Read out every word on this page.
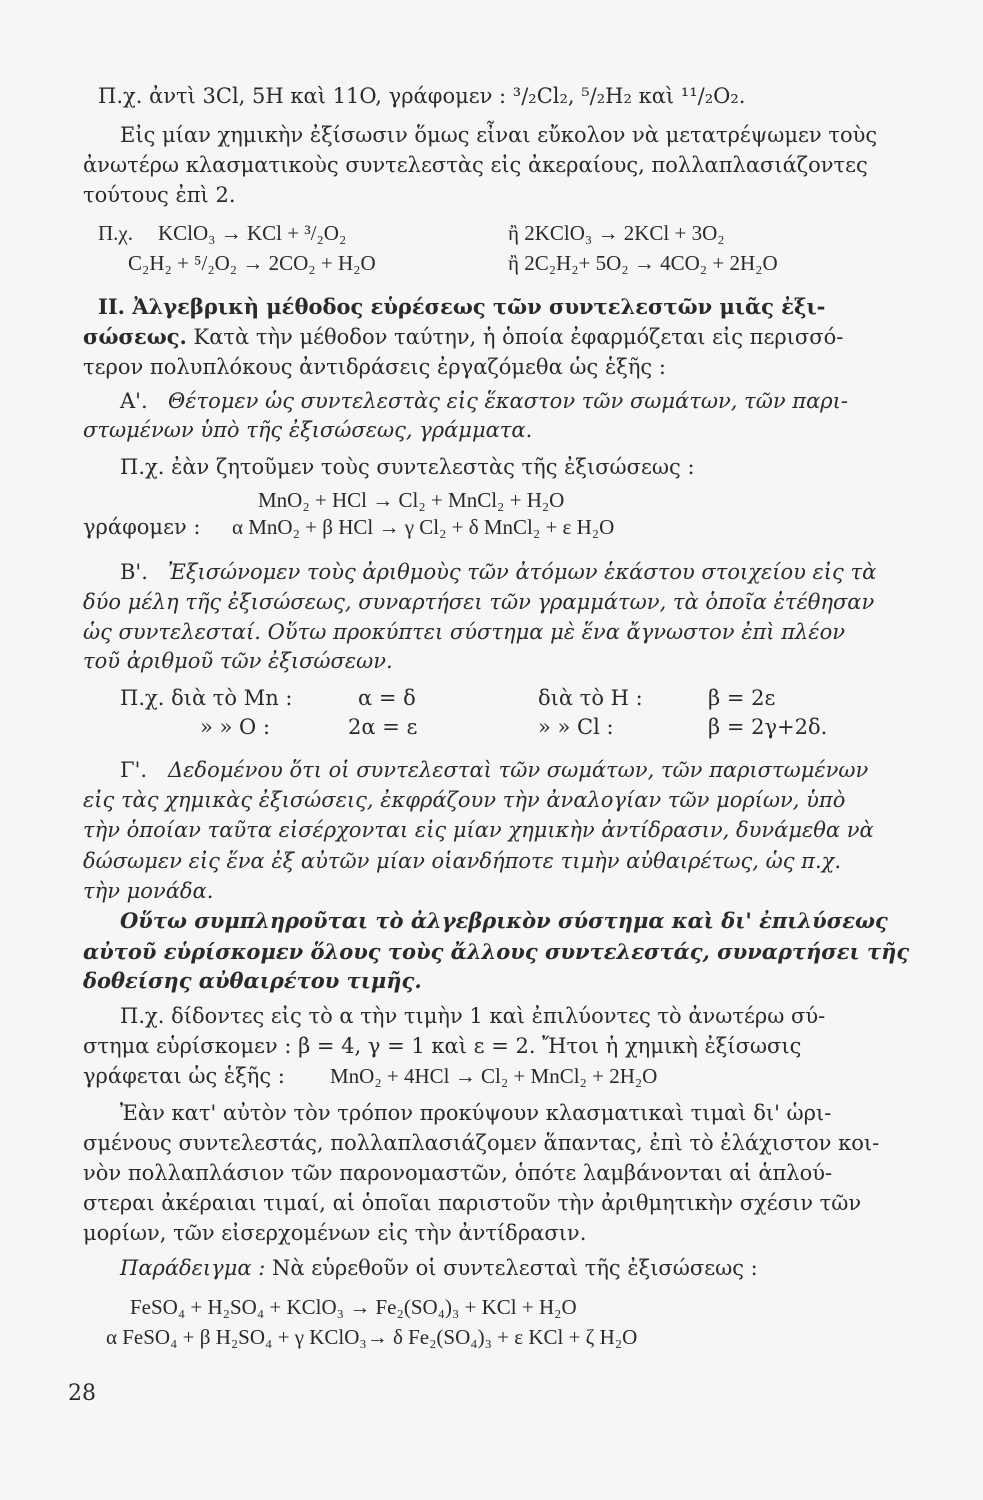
Π.χ. ἀντὶ 3Cl, 5H καὶ 11O, γράφομεν : ³/₂Cl₂, ⁵/₂H₂ καὶ ¹¹/₂O₂.
Εἰς μίαν χημικὴν ἐξίσωσιν ὅμως εἶναι εὔκολον νὰ μετατρέψωμεν τοὺς
ἀνωτέρω κλασματικοὺς συντελεστὰς εἰς ἀκεραίους, πολλαπλασιάζοντες
τούτους ἐπὶ 2.
Π.χ. KClO₃ → KCl + ³/₂O₂	ἢ 2KClO₃ → 2KCl + 3O₂
C₂H₂ + ⁵/₂O₂ → 2CO₂ + H₂O	ἢ 2C₂H₂+ 5O₂ → 4CO₂ + 2H₂O
II. Ἀλγεβρικὴ μέθοδος εὑρέσεως τῶν συντελεστῶν μιᾶς ἐξι-
σώσεως. Κατὰ τὴν μέθοδον ταύτην, ἡ ὁποία ἐφαρμόζεται εἰς περισσό-
τερον πολυπλόκους ἀντιδράσεις ἐργαζόμεθα ὡς ἑξῆς :
Α'. Θέτομεν ὡς συντελεστὰς εἰς ἕκαστον τῶν σωμάτων, τῶν παρι-
στωμένων ὑπὸ τῆς ἐξισώσεως, γράμματα.
Π.χ. ἐὰν ζητοῦμεν τοὺς συντελεστὰς τῆς ἐξισώσεως :
MnO₂ + HCl → Cl₂ + MnCl₂ + H₂O
γράφομεν : α MnO₂ + β HCl → γ Cl₂ + δ MnCl₂ + ε H₂O
Β'. Ἐξισώνομεν τοὺς ἀριθμοὺς τῶν ἀτόμων ἑκάστου στοιχείου εἰς τὰ
δύο μέλη τῆς ἐξισώσεως, συναρτήσει τῶν γραμμάτων, τὰ ὁποῖα ἐτέθησαν
ὡς συντελεσταί. Οὕτω προκύπτει σύστημα μὲ ἕνα ἄγνωστον ἐπὶ πλέον
τοῦ ἀριθμοῦ τῶν ἐξισώσεων.
Π.χ. διὰ τὸ Mn :	α = δ	διὰ τὸ H :	β = 2ε
» » O :	2α = ε	» » Cl :	β = 2γ+2δ.
Γ'. Δεδομένου ὅτι οἱ συντελεσταὶ τῶν σωμάτων, τῶν παριστωμένων
εἰς τὰς χημικὰς ἐξισώσεις, ἐκφράζουν τὴν ἀναλογίαν τῶν μορίων, ὑπὸ
τὴν ὁποίαν ταῦτα εἰσέρχονται εἰς μίαν χημικὴν ἀντίδρασιν, δυνάμεθα νὰ
δώσωμεν εἰς ἕνα ἐξ αὐτῶν μίαν οἱανδήποτε τιμὴν αὐθαιρέτως, ὡς π.χ.
τὴν μονάδα.
Οὕτω συμπληροῦται τὸ ἀλγεβρικὸν σύστημα καὶ δι' ἐπιλύσεως
αὐτοῦ εὑρίσκομεν ὅλους τοὺς ἄλλους συντελεστάς, συναρτήσει τῆς
δοθείσης αὐθαιρέτου τιμῆς.
Π.χ. δίδοντες εἰς τὸ α τὴν τιμὴν 1 καὶ ἐπιλύοντες τὸ ἀνωτέρω σύ-
στημα εὑρίσκομεν : β = 4, γ = 1 καὶ ε = 2. Ἤτοι ἡ χημικὴ ἐξίσωσις
γράφεται ὡς ἑξῆς : MnO₂ + 4HCl → Cl₂ + MnCl₂ + 2H₂O
Ἐὰν κατ' αὐτὸν τὸν τρόπον προκύψουν κλασματικαὶ τιμαὶ δι' ὡρι-
σμένους συντελεστάς, πολλαπλασιάζομεν ἅπαντας, ἐπὶ τὸ ἐλάχιστον κοι-
νὸν πολλαπλάσιον τῶν παρονομαστῶν, ὁπότε λαμβάνονται αἱ ἁπλού-
στεραι ἀκέραιαι τιμαί, αἱ ὁποῖαι παριστοῦν τὴν ἀριθμητικὴν σχέσιν τῶν
μορίων, τῶν εἰσερχομένων εἰς τὴν ἀντίδρασιν.
Παράδειγμα : Νὰ εὑρεθοῦν οἱ συντελεσταὶ τῆς ἐξισώσεως :
FeSO₄ + H₂SO₄ + KClO₃ → Fe₂(SO₄)₃ + KCl + H₂O
α FeSO₄ + β H₂SO₄ + γ KClO₃→ δ Fe₂(SO₄)₃ + ε KCl + ζ H₂O
28
